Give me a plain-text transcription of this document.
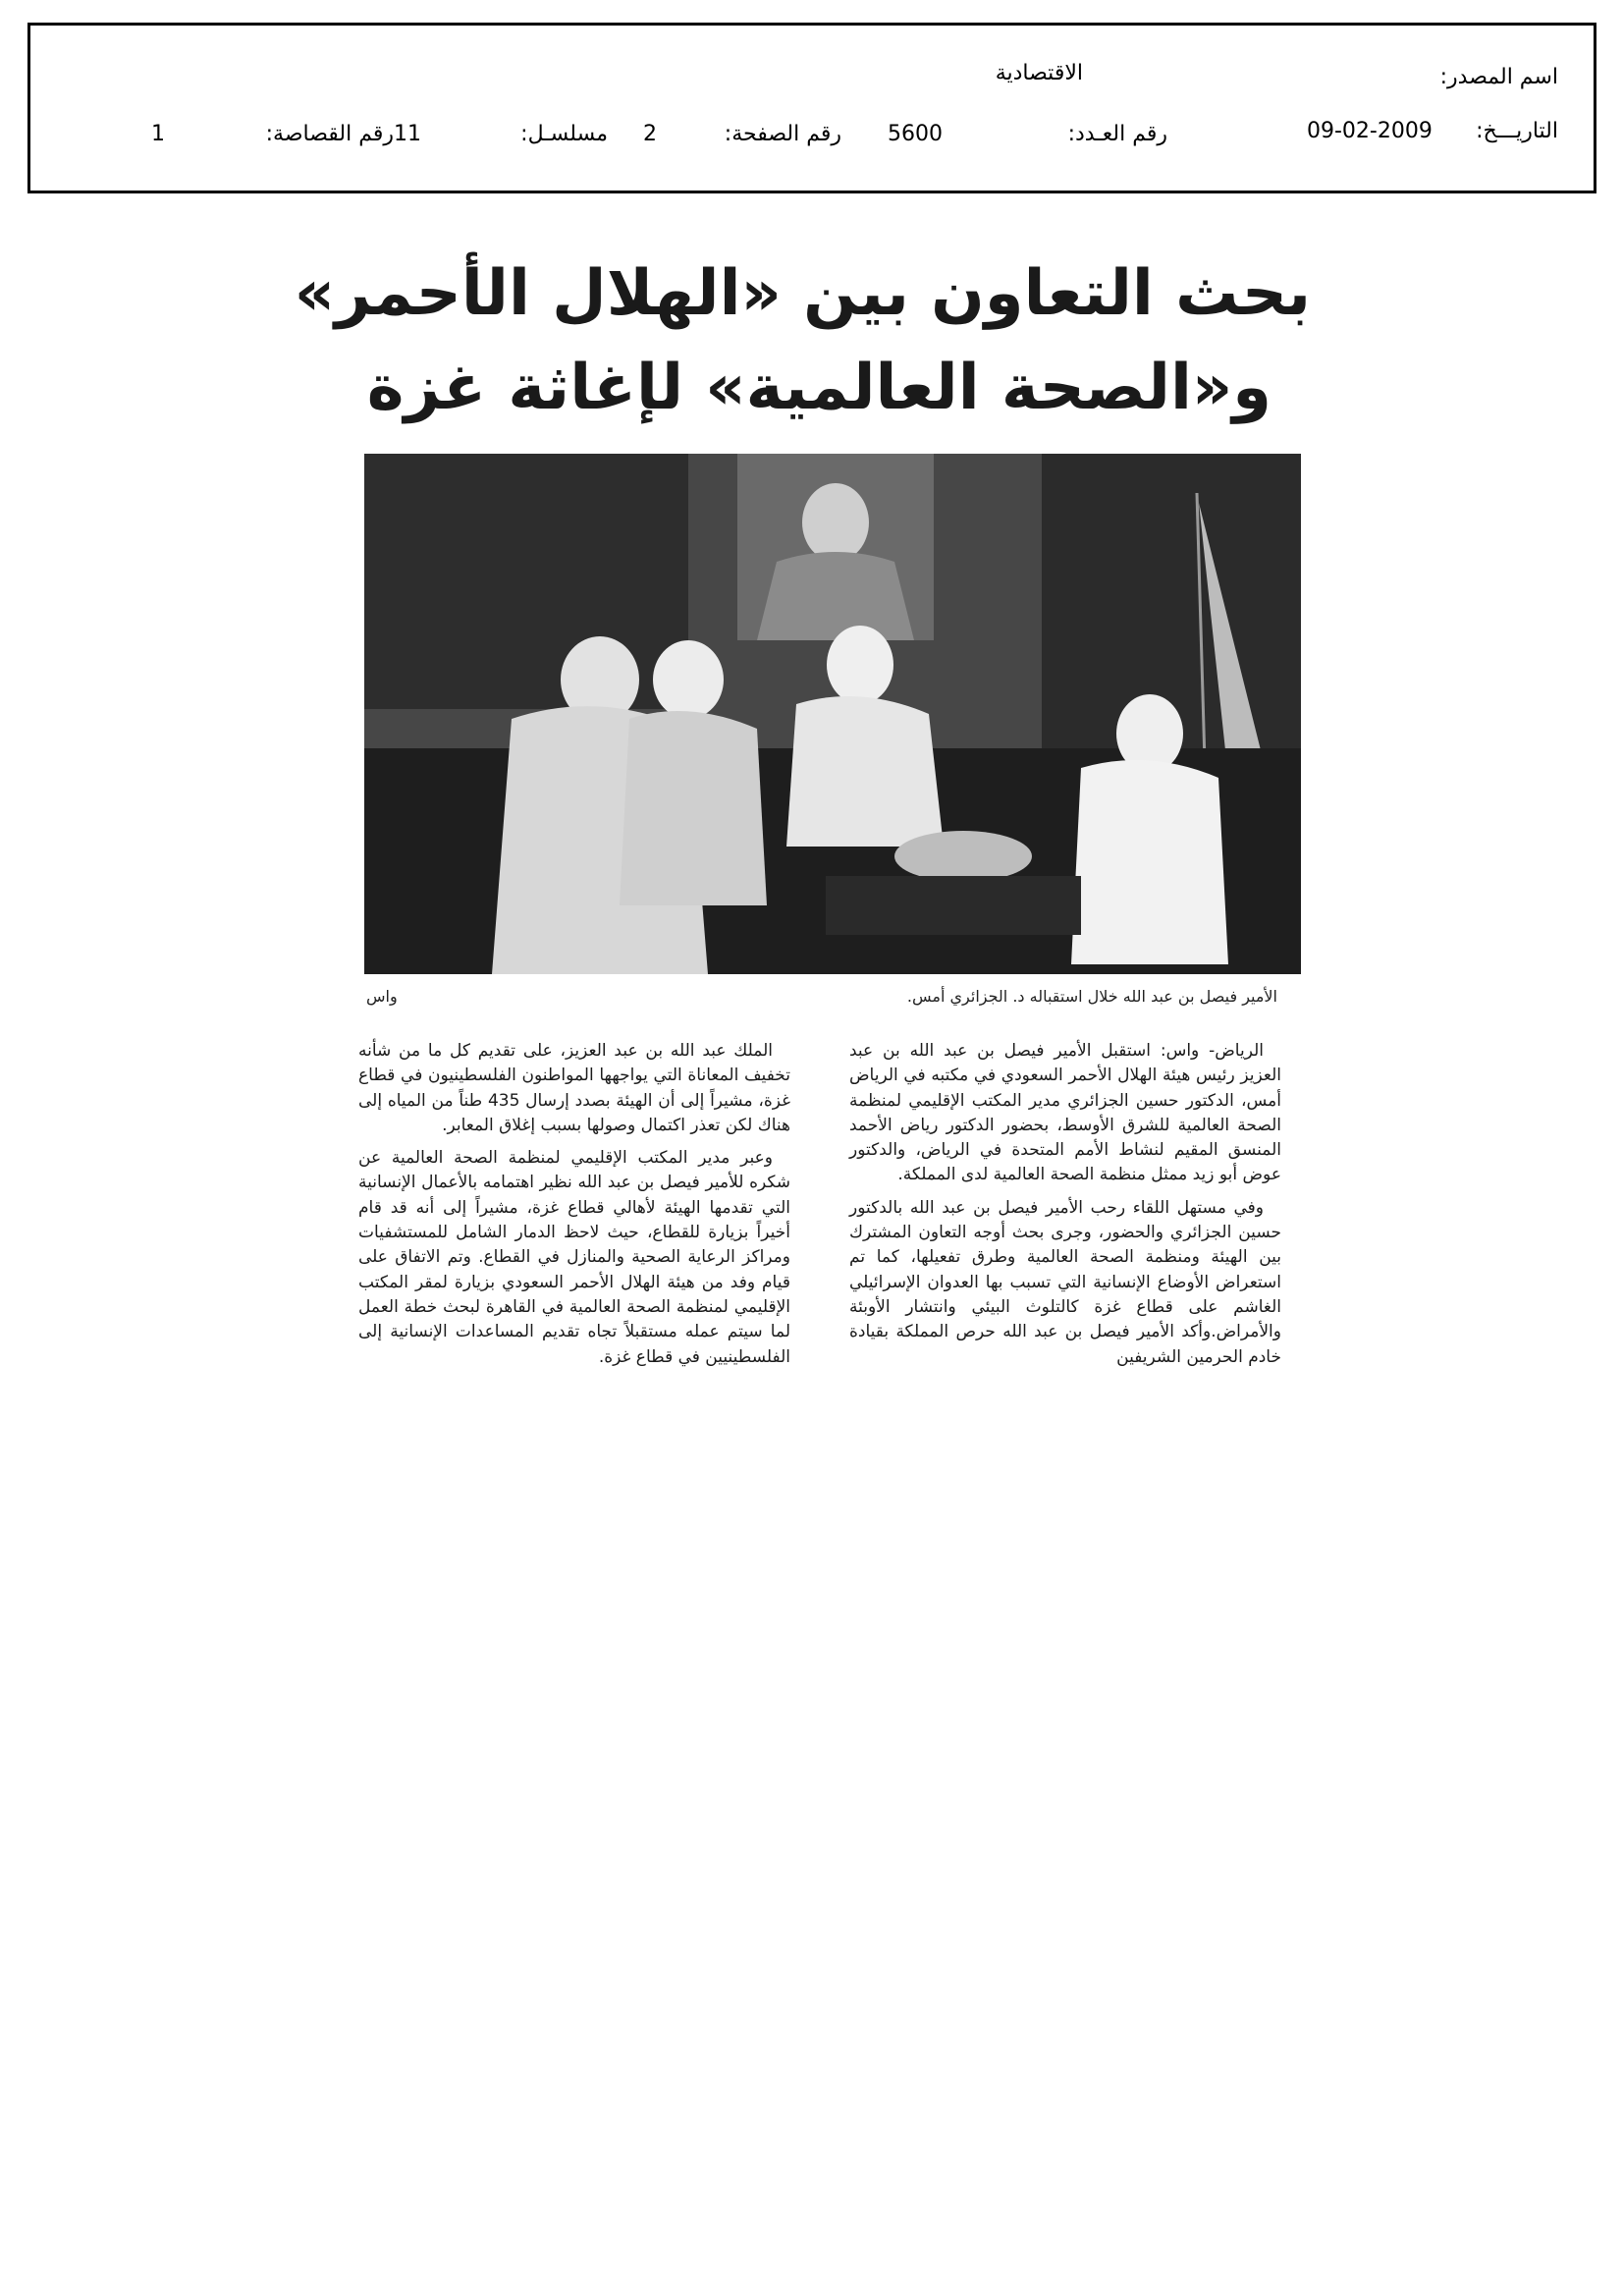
اسم المصدر:
الاقتصادية
التاريـــخ:
09-02-2009
رقم العـدد:
5600
رقم الصفحة:
2
مسلسـل:
11
رقم القصاصة:
1
بحث التعاون بين «الهلال الأحمر»
و«الصحة العالمية» لإغاثة غزة
الأمير فيصل بن عبد الله خلال استقباله د. الجزائري أمس.
واس

الرياض- واس: استقبل الأمير فيصل بن عبد الله بن عبد العزيز رئيس هيئة الهلال الأحمر السعودي في مكتبه في الرياض أمس، الدكتور حسين الجزائري مدير المكتب الإقليمي لمنظمة الصحة العالمية للشرق الأوسط، بحضور الدكتور رياض الأحمد المنسق المقيم لنشاط الأمم المتحدة في الرياض، والدكتور عوض أبو زيد ممثل منظمة الصحة العالمية لدى المملكة.

وفي مستهل اللقاء رحب الأمير فيصل بن عبد الله بالدكتور حسين الجزائري والحضور، وجرى بحث أوجه التعاون المشترك بين الهيئة ومنظمة الصحة العالمية وطرق تفعيلها، كما تم استعراض الأوضاع الإنسانية التي تسبب بها العدوان الإسرائيلي الغاشم على قطاع غزة كالتلوث البيئي وانتشار الأوبئة والأمراض.وأكد الأمير فيصل بن عبد الله حرص المملكة بقيادة خادم الحرمين الشريفين

الملك عبد الله بن عبد العزيز، على تقديم كل ما من شأنه تخفيف المعاناة التي يواجهها المواطنون الفلسطينيون في قطاع غزة، مشيراً إلى أن الهيئة بصدد إرسال 435 طناً من المياه إلى هناك لكن تعذر اكتمال وصولها بسبب إغلاق المعابر.

وعبر مدير المكتب الإقليمي لمنظمة الصحة العالمية عن شكره للأمير فيصل بن عبد الله نظير اهتمامه بالأعمال الإنسانية التي تقدمها الهيئة لأهالي قطاع غزة، مشيراً إلى أنه قد قام أخيراً بزيارة للقطاع، حيث لاحظ الدمار الشامل للمستشفيات ومراكز الرعاية الصحية والمنازل في القطاع. وتم الاتفاق على قيام وفد من هيئة الهلال الأحمر السعودي بزيارة لمقر المكتب الإقليمي لمنظمة الصحة العالمية في القاهرة لبحث خطة العمل لما سيتم عمله مستقبلاً تجاه تقديم المساعدات الإنسانية إلى الفلسطينيين في قطاع غزة.
